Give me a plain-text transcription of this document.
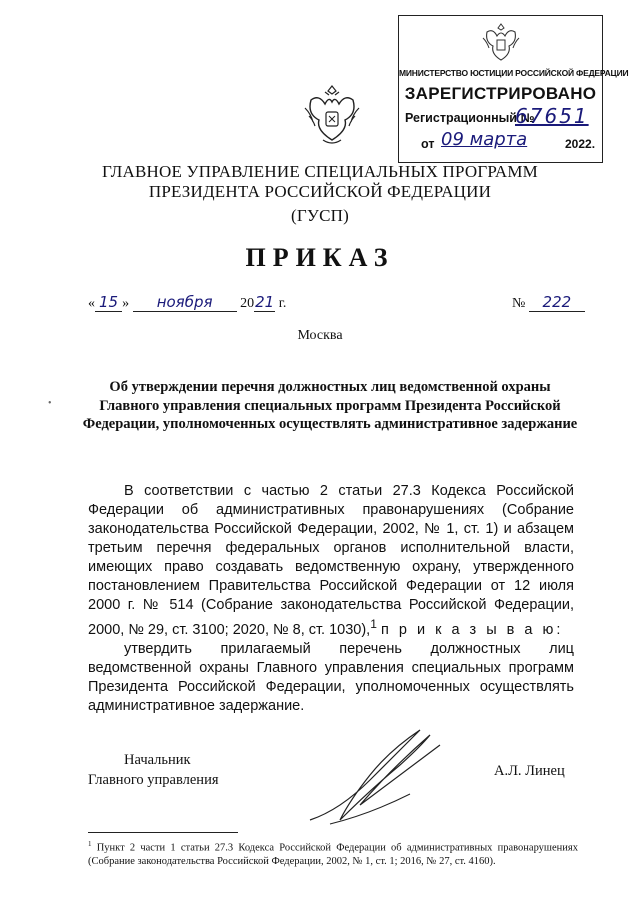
МИНИСТЕРСТВО ЮСТИЦИИ РОССИЙСКОЙ ФЕДЕРАЦИИ
ЗАРЕГИСТРИРОВАНО
Регистрационный №
67651
от 09 марта	2022.
ГЛАВНОЕ УПРАВЛЕНИЕ СПЕЦИАЛЬНЫХ ПРОГРАММ
ПРЕЗИДЕНТА РОССИЙСКОЙ ФЕДЕРАЦИИ
(ГУСП)
ПРИКАЗ
« 15 » ноября 2021 г.	№ 222
Москва
Об утверждении перечня должностных лиц ведомственной охраны Главного управления специальных программ Президента Российской Федерации, уполномоченных осуществлять административное задержание

В соответствии с частью 2 статьи 27.3 Кодекса Российской Федерации об административных правонарушениях (Собрание законодательства Российской Федерации, 2002, № 1, ст. 1) и абзацем третьим перечня федеральных органов исполнительной власти, имеющих право создавать ведомственную охрану, утвержденного постановлением Правительства Российской Федерации от 12 июля 2000 г. № 514 (Собрание законодательства Российской Федерации, 2000, № 29, ст. 3100; 2020, № 8, ст. 1030),$^1$ п р и к а з ы в а ю:

утвердить прилагаемый перечень должностных лиц ведомственной охраны Главного управления специальных программ Президента Российской Федерации, уполномоченных осуществлять административное задержание.

Начальник
Главного управления
А.Л. Линец
$^1$ Пункт 2 части 1 статьи 27.3 Кодекса Российской Федерации об административных правонарушениях (Собрание законодательства Российской Федерации, 2002, № 1, ст. 1; 2016, № 27, ст. 4160).
•
